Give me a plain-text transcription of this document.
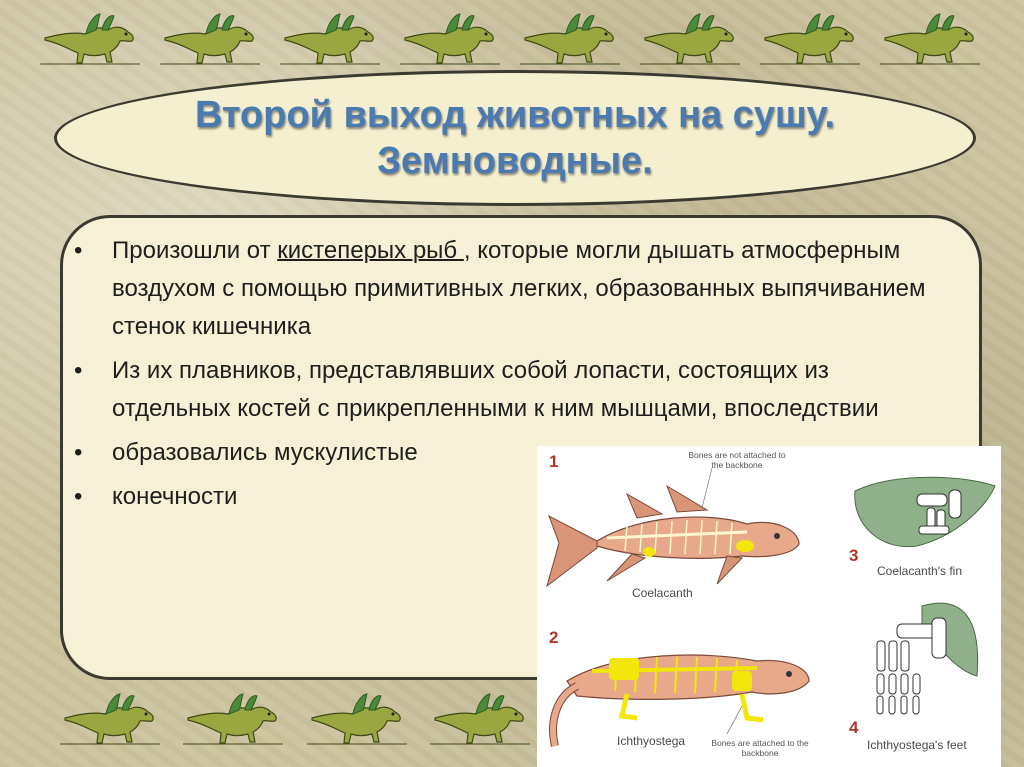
Второй выход животных на сушу.
Земноводные.
• Произошли от кистеперых рыб , которые могли дышать атмосферным воздухом с помощью примитивных легких, образованных выпячиванием стенок кишечника
• Из их плавников, представлявших собой лопасти, состоящих из отдельных костей с прикрепленными к ним мышцами, впоследствии
• образовались мускулистые
• конечности
1
2
3
4
Bones are not attached to the backbone
Bones are attached to the backbone
Coelacanth
Ichthyostega
Coelacanth's fin
Ichthyostega's feet
